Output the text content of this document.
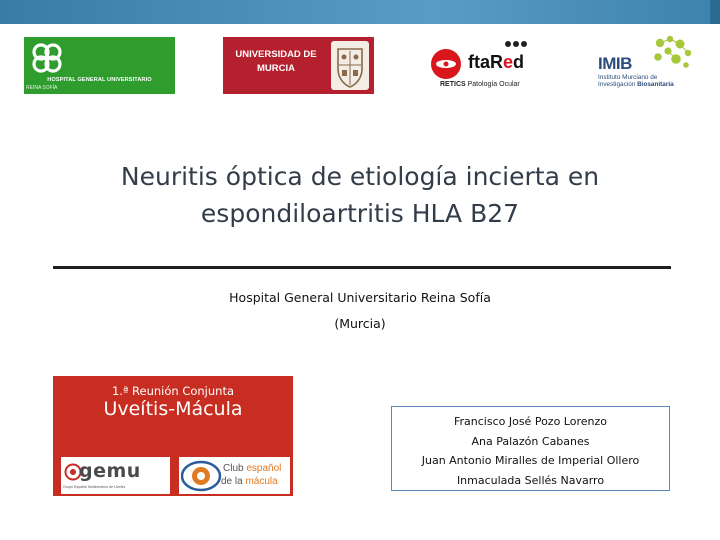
HOSPITAL GENERAL UNIVERSITARIO
REINA SOFÍA
UNIVERSIDAD DE
MURCIA	ftaRed
RETICS Patología Ocular
IMIB
Instituto Murciano de
Investigación Biosanitaria
Neuritis óptica de etiología incierta en
espondiloartritis HLA B27
Hospital General Universitario Reina Sofía
(Murcia)
1.ª Reunión Conjunta
Uveítis-Mácula
gemu
Grupo Español Multicéntrico de Uveítis
Club español
de la mácula
Francisco José Pozo Lorenzo
Ana Palazón Cabanes
Juan Antonio Miralles de Imperial Ollero
Inmaculada Sellés Navarro
